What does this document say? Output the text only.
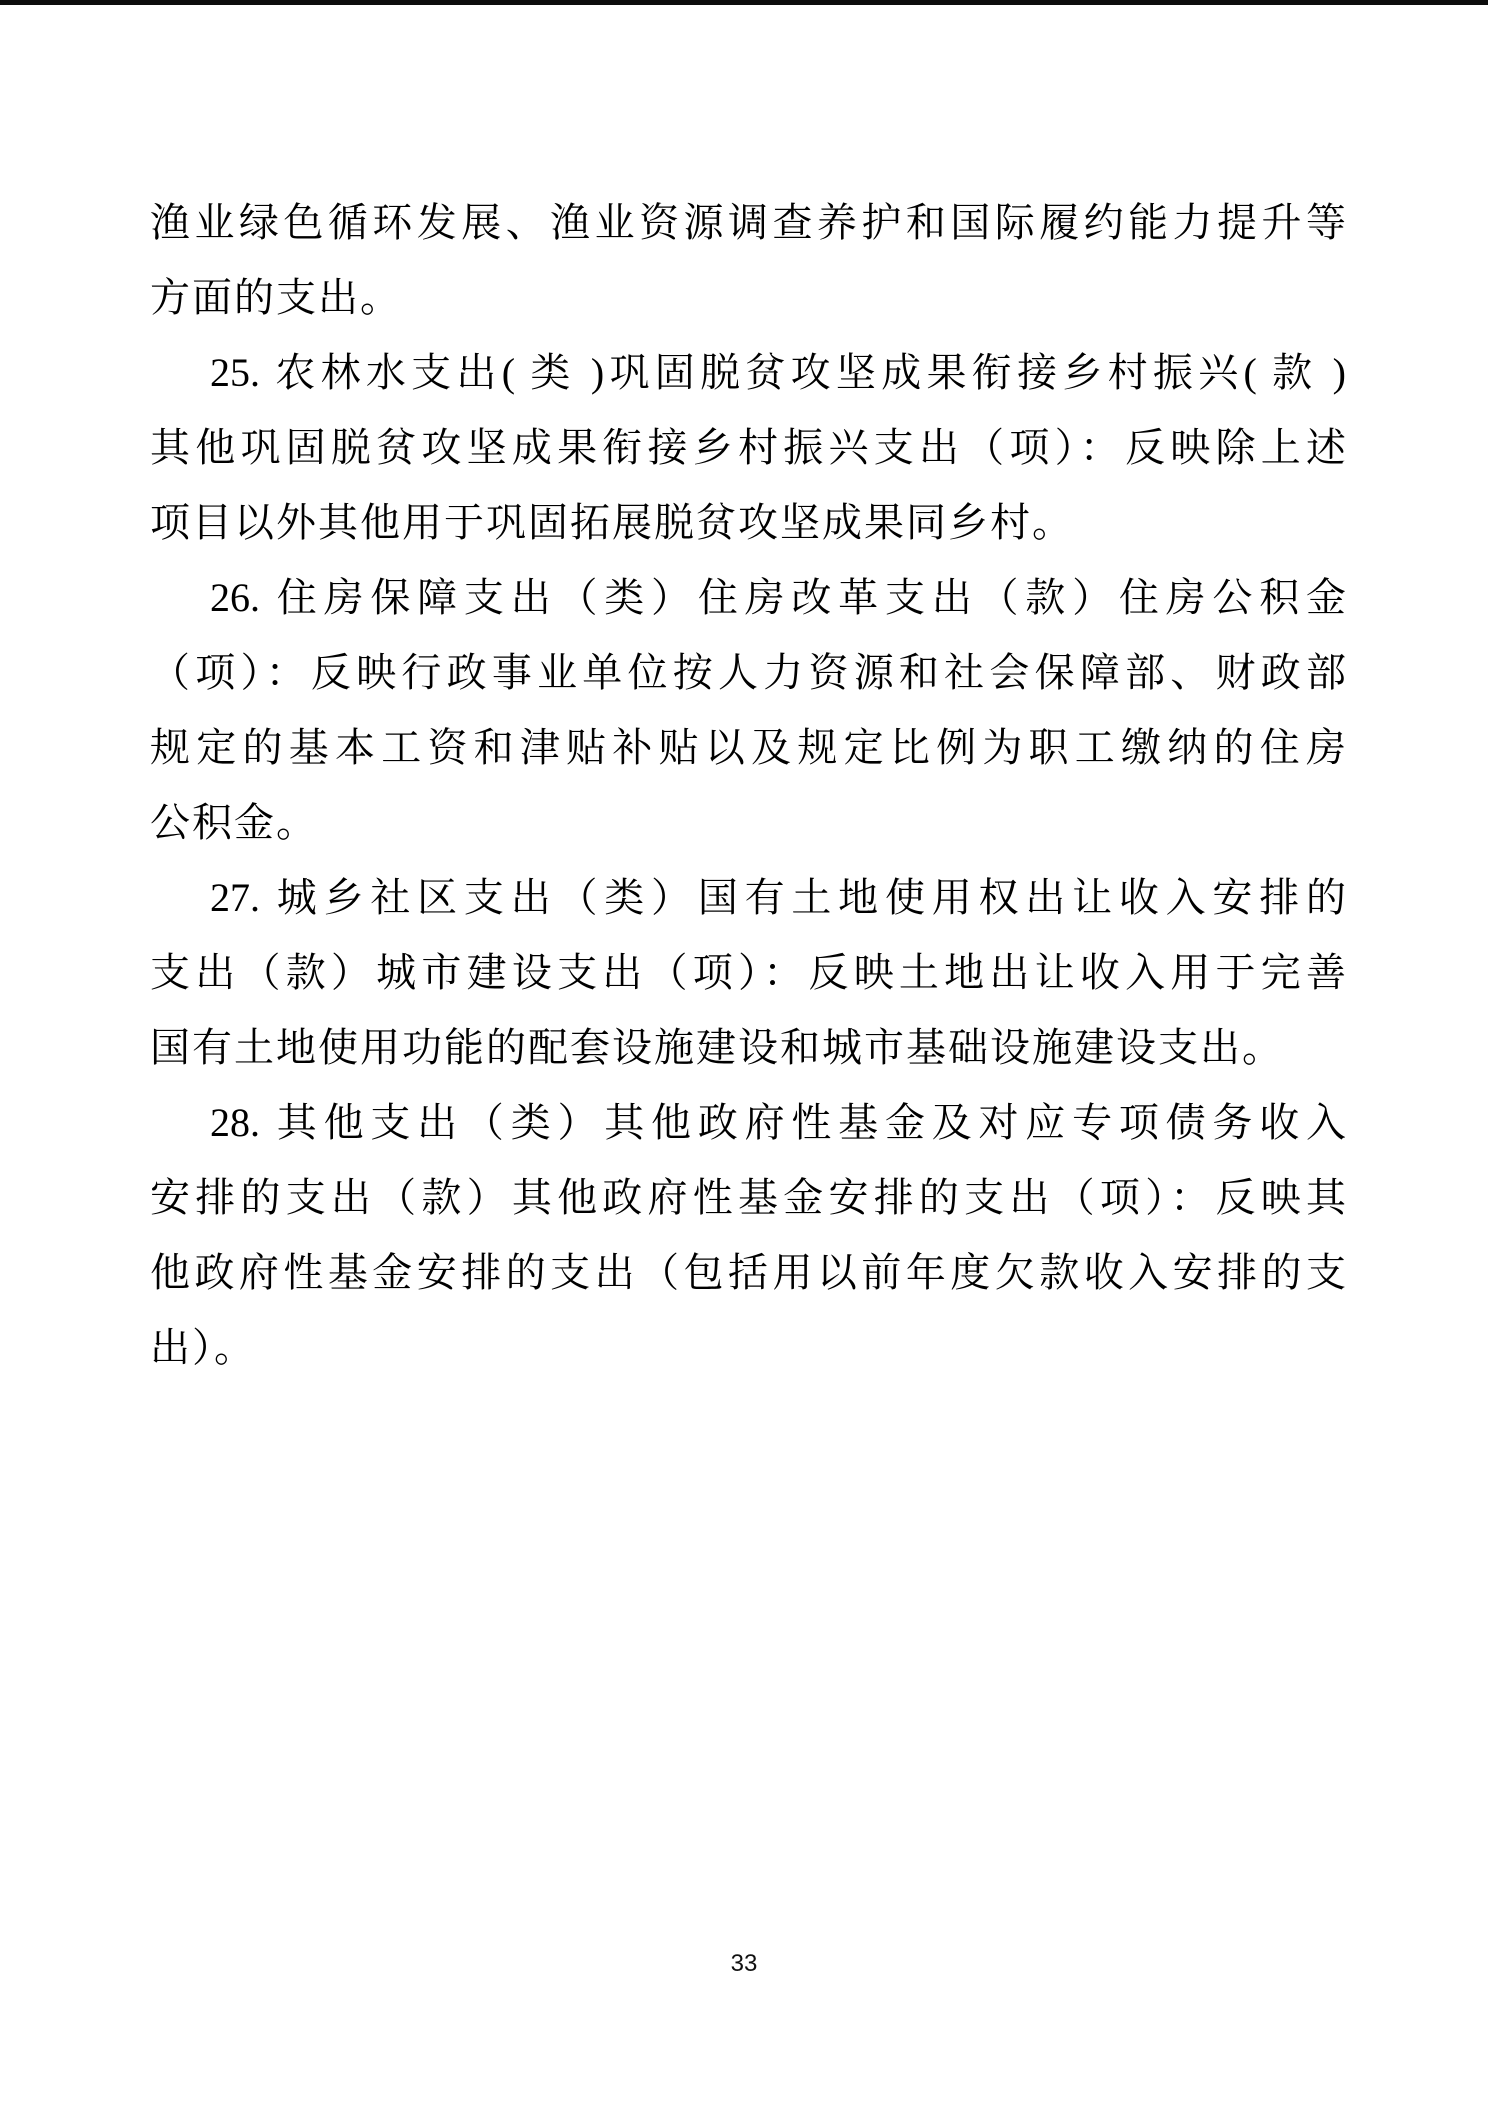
渔业绿色循环发展、渔业资源调查养护和国际履约能力提升等
方面的支出。
25. 农林水支出( 类 )巩固脱贫攻坚成果衔接乡村振兴( 款 )
其他巩固脱贫攻坚成果衔接乡村振兴支出（项）：反映除上述
项目以外其他用于巩固拓展脱贫攻坚成果同乡村。
26. 住房保障支出（类）住房改革支出（款）住房公积金
（项）：反映行政事业单位按人力资源和社会保障部、财政部
规定的基本工资和津贴补贴以及规定比例为职工缴纳的住房
公积金。
27. 城乡社区支出（类）国有土地使用权出让收入安排的
支出（款）城市建设支出（项）：反映土地出让收入用于完善
国有土地使用功能的配套设施建设和城市基础设施建设支出。
28. 其他支出（类）其他政府性基金及对应专项债务收入
安排的支出（款）其他政府性基金安排的支出（项）：反映其
他政府性基金安排的支出（包括用以前年度欠款收入安排的支
出）。
33
